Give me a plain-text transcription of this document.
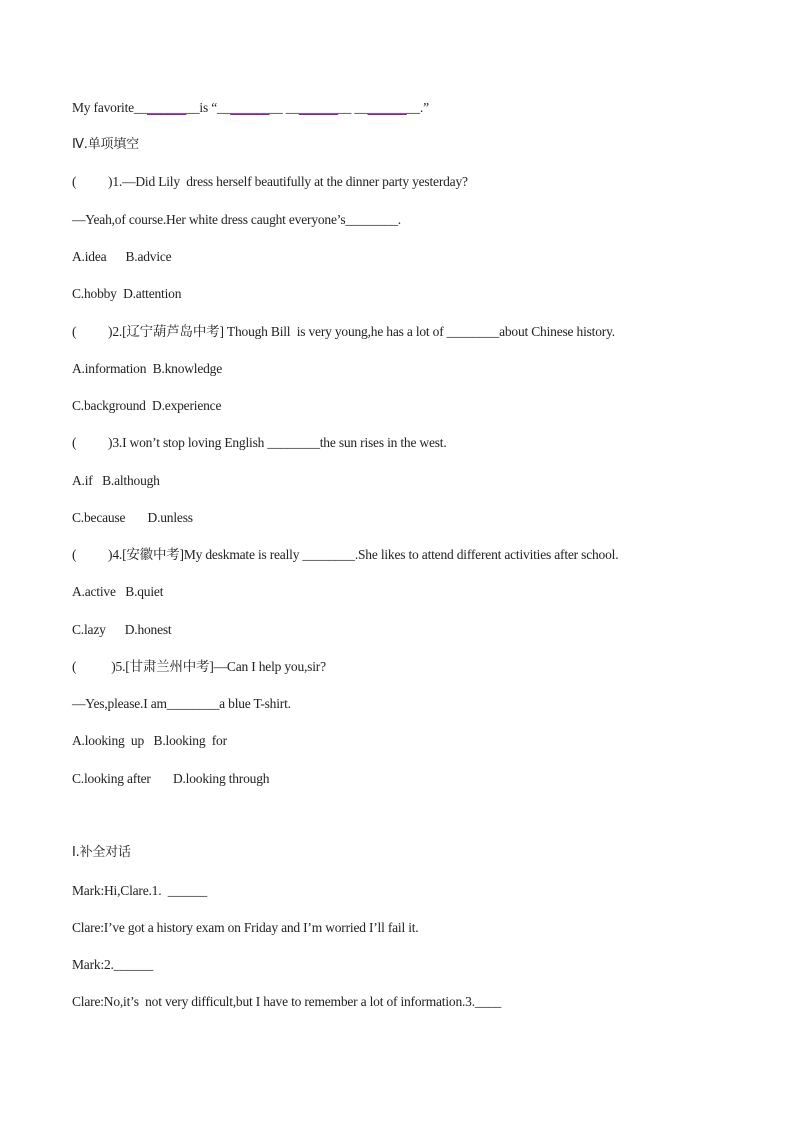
My favorite__________is “__________ __________ __________.”
Ⅳ.单项填空
(          )1.—Did Lily  dress herself beautifully at the dinner party yesterday?
—Yeah,of course.Her white dress caught everyone’s________.
A.idea      B.advice
C.hobby  D.attention
(          )2.[辽宁葫芦岛中考] Though Bill  is very young,he has a lot of ________about Chinese history.
A.information  B.knowledge
C.background  D.experience
(          )3.I won’t stop loving English ________the sun rises in the west.
A.if   B.although
C.because       D.unless
(          )4.[安徽中考]My deskmate is really ________.She likes to attend different activities after school.
A.active   B.quiet
C.lazy      D.honest
(           )5.[甘肃兰州中考]—Can I help you,sir?
—Yes,please.I am________a blue T-shirt.
A.looking  up   B.looking  for
C.looking after       D.looking through
Ⅰ.补全对话
Mark:Hi,Clare.1.  ______
Clare:I’ve got a history exam on Friday and I’m worried I’ll fail it.
Mark:2.______
Clare:No,it’s  not very difficult,but I have to remember a lot of information.3.____
